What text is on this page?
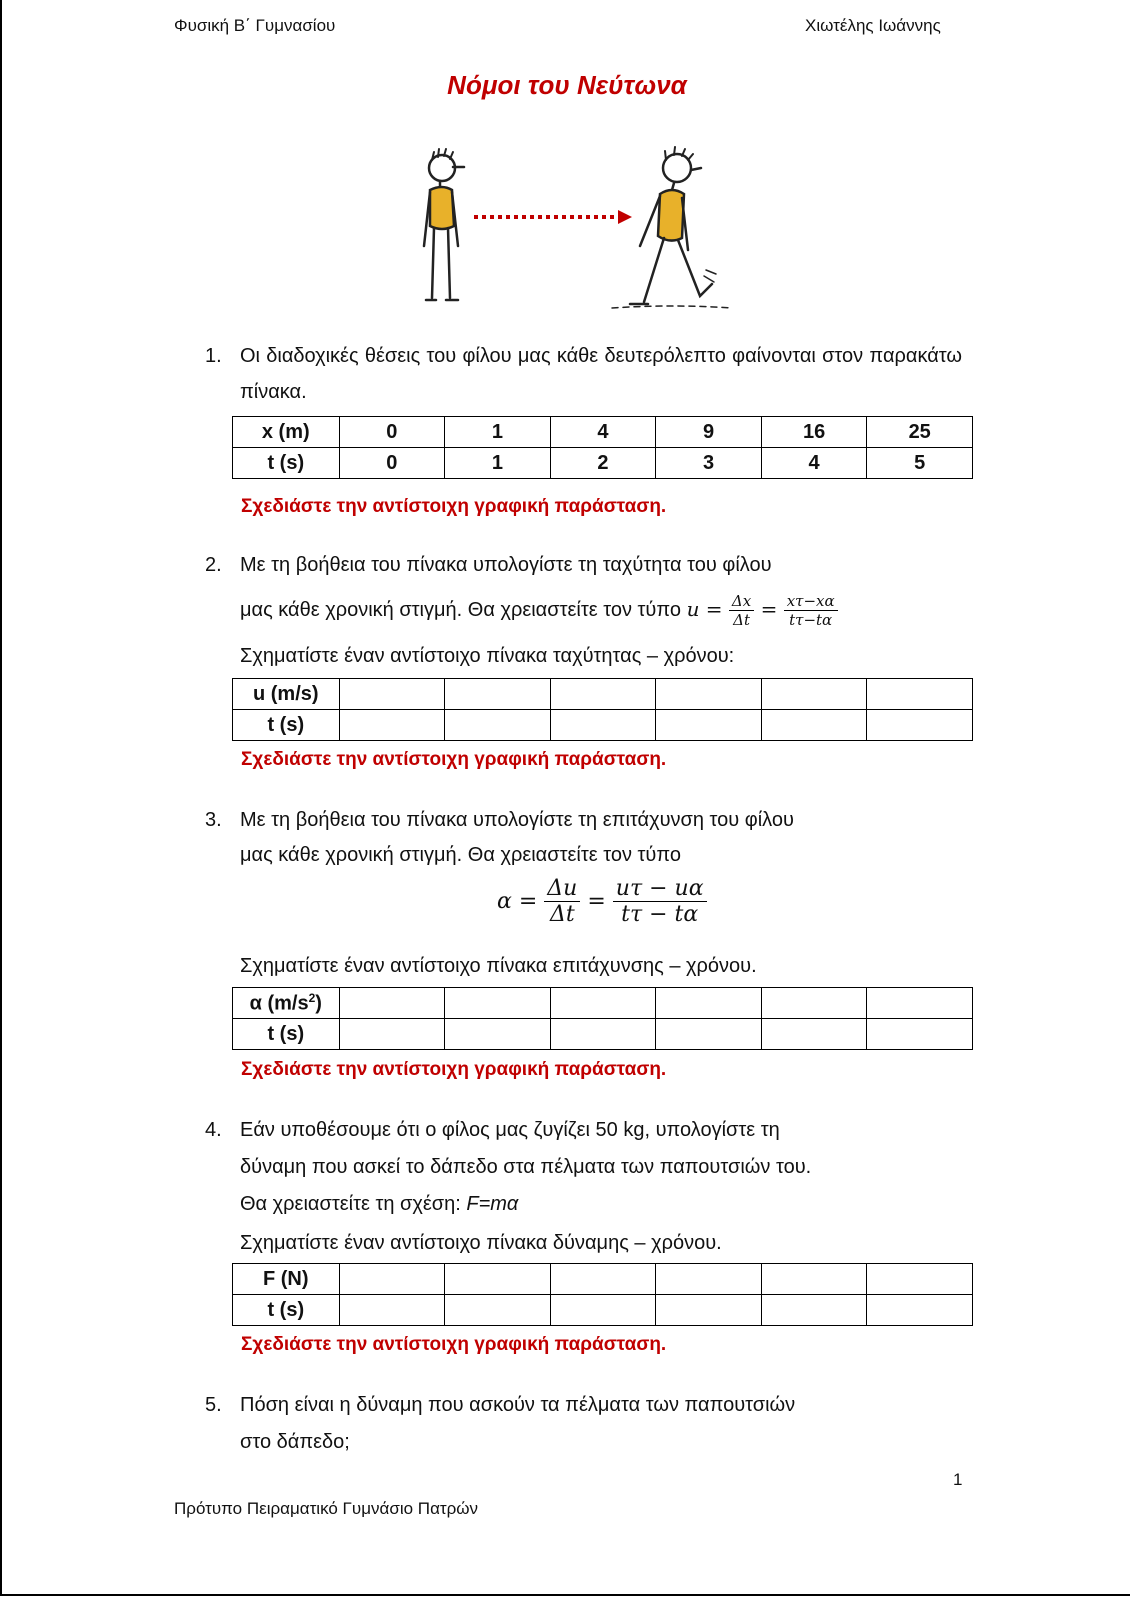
Φυσική Β΄ Γυμνασίου	Χιωτέλης Ιωάννης
Νόμοι του Νεύτωνα
1. Οι διαδοχικές θέσεις του φίλου μας κάθε δευτερόλεπτο φαίνονται στον παρακάτω πίνακα.
x (m)	0	1	4	9	16	25
t (s)	0	1	2	3	4	5
Σχεδιάστε την αντίστοιχη γραφική παράσταση.
2. Με τη βοήθεια του πίνακα υπολογίστε τη ταχύτητα του φίλου
μας κάθε χρονική στιγμή. Θα χρειαστείτε τον τύπο $u = \frac{\Delta x}{\Delta t} = \frac{x\tau-x\alpha}{t\tau-t\alpha}$
Σχηματίστε έναν αντίστοιχο πίνακα ταχύτητας – χρόνου:
u (m/s)						
t (s)						
Σχεδιάστε την αντίστοιχη γραφική παράσταση.
3. Με τη βοήθεια του πίνακα υπολογίστε τη επιτάχυνση του φίλου
μας κάθε χρονική στιγμή. Θα χρειαστείτε τον τύπο
$\alpha = \frac{\Delta u}{\Delta t} = \frac{u\tau - u\alpha}{t\tau - t\alpha}$
Σχηματίστε έναν αντίστοιχο πίνακα επιτάχυνσης – χρόνου.
α $(m/s^2)$						
t (s)						
Σχεδιάστε την αντίστοιχη γραφική παράσταση.
4. Εάν υποθέσουμε ότι ο φίλος μας ζυγίζει 50 kg, υπολογίστε τη
δύναμη που ασκεί το δάπεδο στα πέλματα των παπουτσιών του.
Θα χρειαστείτε τη σχέση: F=mα
Σχηματίστε έναν αντίστοιχο πίνακα δύναμης – χρόνου.
F (N)						
t (s)						
Σχεδιάστε την αντίστοιχη γραφική παράσταση.
5. Πόση είναι η δύναμη που ασκούν τα πέλματα των παπουτσιών
στο δάπεδο;
1
Πρότυπο Πειραματικό Γυμνάσιο Πατρών
